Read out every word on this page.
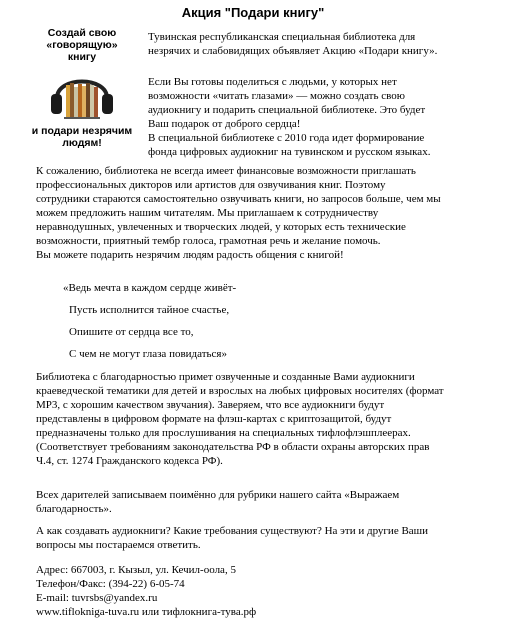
Акция "Подари книгу"
Создай свою
«говорящую»
книгу
и подари незрячим
людям!
Тувинская республиканская специальная библиотека для
незрячих и слабовидящих объявляет Акцию «Подари книгу».
Если Вы готовы поделиться с людьми, у которых нет
возможности «читать глазами» — можно создать свою
аудиокнигу и подарить специальной библиотеке. Это будет
Ваш подарок от доброго сердца!
В специальной библиотеке с 2010 года идет формирование
фонда цифровых аудиокниг на тувинском и русском языках.
К сожалению, библиотека не всегда имеет финансовые возможности приглашать
профессиональных дикторов или артистов для озвучивания книг. Поэтому
сотрудники стараются самостоятельно озвучивать книги, но запросов больше, чем мы
можем предложить нашим читателям. Мы приглашаем к сотрудничеству
неравнодушных, увлеченных и творческих людей, у которых есть технические
возможности, приятный тембр голоса, грамотная речь и желание помочь.
Вы можете подарить незрячим людям радость общения с книгой!
«Ведь мечта в каждом сердце живёт-
Пусть исполнится тайное счастье,
Опишите от сердца все то,
С чем не могут глаза повидаться»
Библиотека с благодарностью примет озвученные и созданные Вами аудиокниги
краеведческой тематики для детей и взрослых на любых цифровых носителях (формат
МР3, с хорошим качеством звучания). Заверяем, что все аудиокниги будут
представлены в цифровом формате на флэш-картах с криптозащитой, будут
предназначены только для прослушивания на специальных тифлофлэшплеерах.
(Соответствует требованиям законодательства РФ в области охраны авторских прав
Ч.4, ст. 1274 Гражданского кодекса РФ).
Всех дарителей записываем поимённо для рубрики нашего сайта «Выражаем
благодарность».
А как создавать аудиокниги? Какие требования существуют? На эти и другие Ваши
вопросы мы постараемся ответить.
Адрес: 667003, г. Кызыл, ул. Кечил-оола, 5
Телефон/Факс: (394-22) 6-05-74
E-mail: tuvrsbs@yandex.ru
www.tiflokniga-tuva.ru или тифлокнига-тува.рф
